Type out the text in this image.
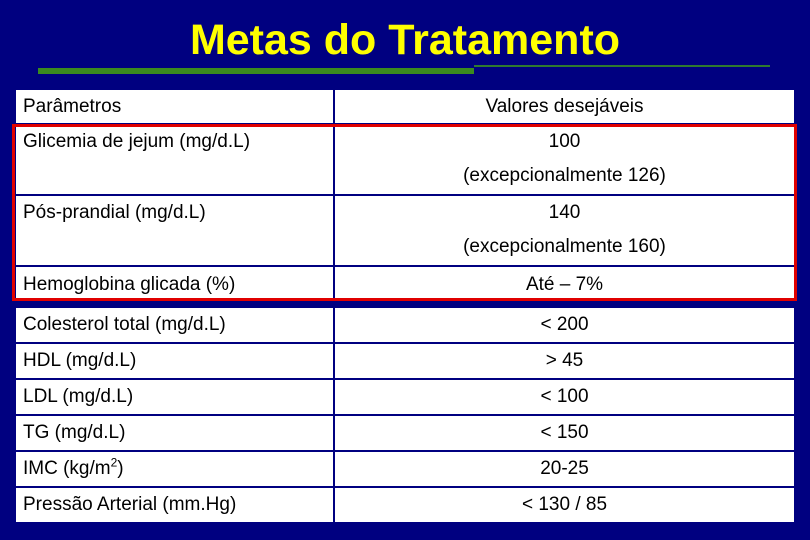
Metas do Tratamento
Parâmetros	Valores desejáveis
Glicemia de jejum (mg/d.L)	100
(excepcionalmente 126)
Pós-prandial (mg/d.L)	140
(excepcionalmente 160)
Hemoglobina glicada (%)	Até – 7%
Colesterol total (mg/d.L)	< 200
HDL (mg/d.L)	> 45
LDL (mg/d.L)	< 100
TG (mg/d.L)	< 150
IMC $(kg/m^2)$	20-25
Pressão Arterial (mm.Hg)	< 130 / 85
